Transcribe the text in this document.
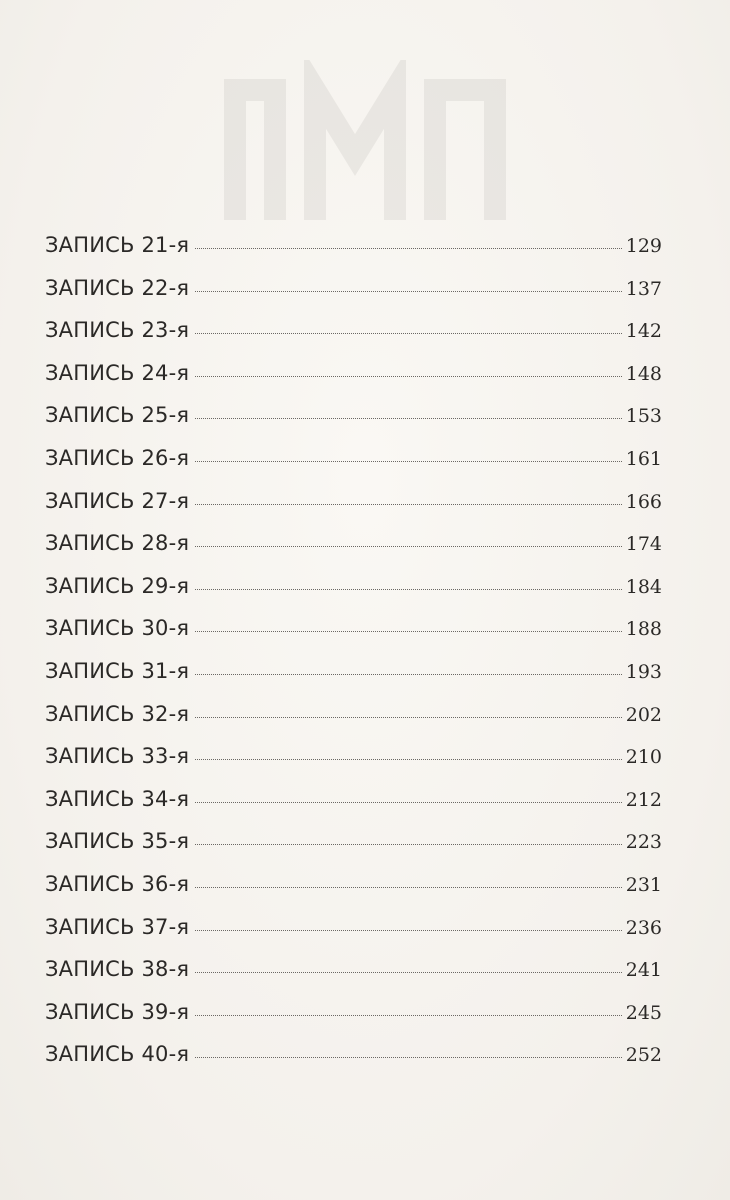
ЗАПИСЬ 21-я	129
ЗАПИСЬ 22-я	137
ЗАПИСЬ 23-я	142
ЗАПИСЬ 24-я	148
ЗАПИСЬ 25-я	153
ЗАПИСЬ 26-я	161
ЗАПИСЬ 27-я	166
ЗАПИСЬ 28-я	174
ЗАПИСЬ 29-я	184
ЗАПИСЬ 30-я	188
ЗАПИСЬ 31-я	193
ЗАПИСЬ 32-я	202
ЗАПИСЬ 33-я	210
ЗАПИСЬ 34-я	212
ЗАПИСЬ 35-я	223
ЗАПИСЬ 36-я	231
ЗАПИСЬ 37-я	236
ЗАПИСЬ 38-я	241
ЗАПИСЬ 39-я	245
ЗАПИСЬ 40-я	252
